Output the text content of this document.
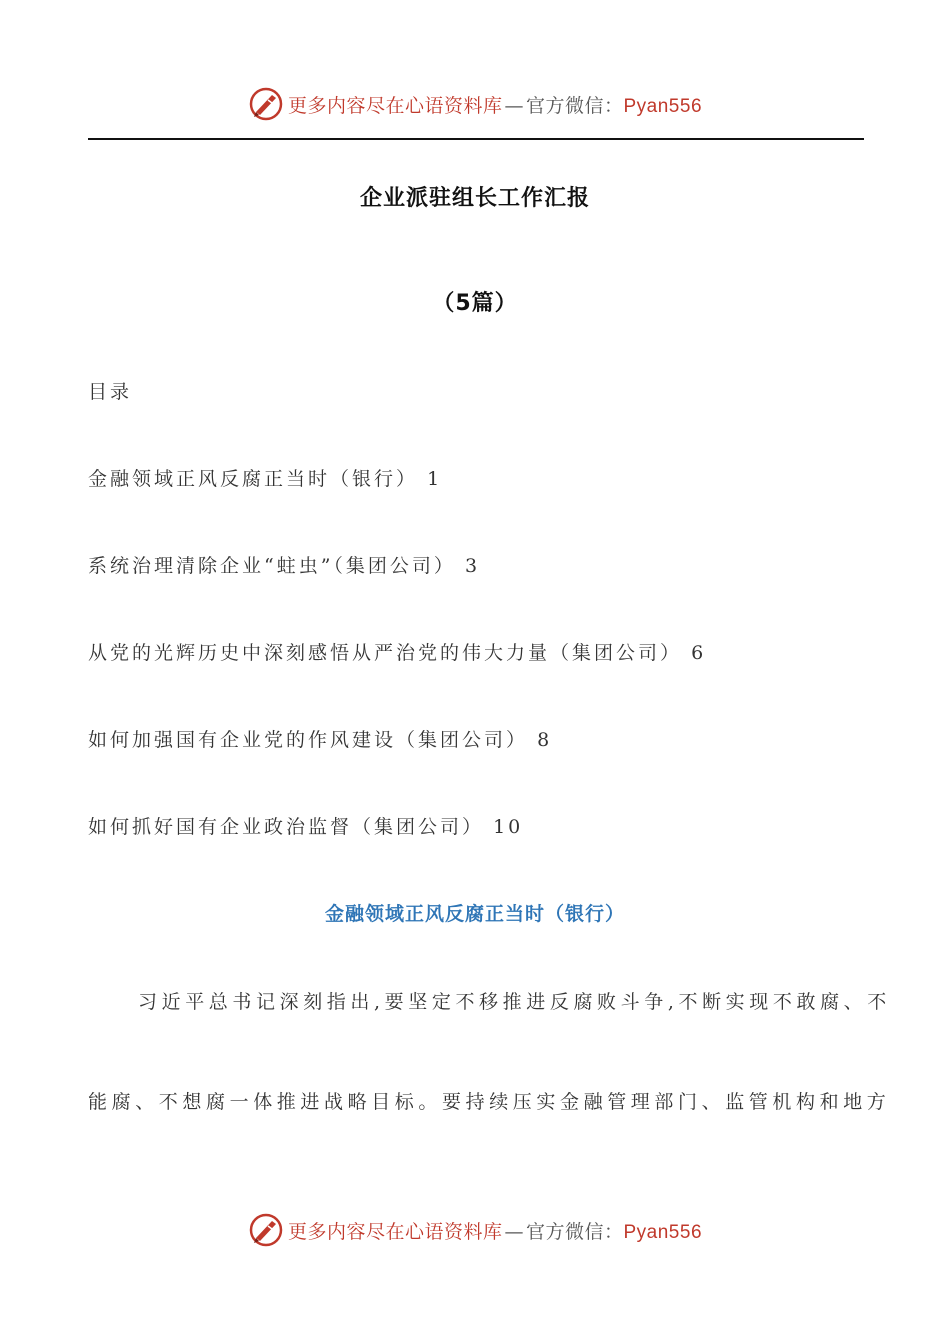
更多内容尽在心语资料库 — 官方微信：Pyan556
企业派驻组长工作汇报
（5篇）
目录
金融领域正风反腐正当时（银行） 1
系统治理清除企业“蛀虫”（集团公司） 3
从党的光辉历史中深刻感悟从严治党的伟大力量（集团公司） 6
如何加强国有企业党的作风建设（集团公司） 8
如何抓好国有企业政治监督（集团公司） 10
金融领域正风反腐正当时（银行）
习近平总书记深刻指出,要坚定不移推进反腐败斗争,不断实现不敢腐、不
能腐、不想腐一体推进战略目标。要持续压实金融管理部门、监管机构和地方
更多内容尽在心语资料库 — 官方微信：Pyan556
